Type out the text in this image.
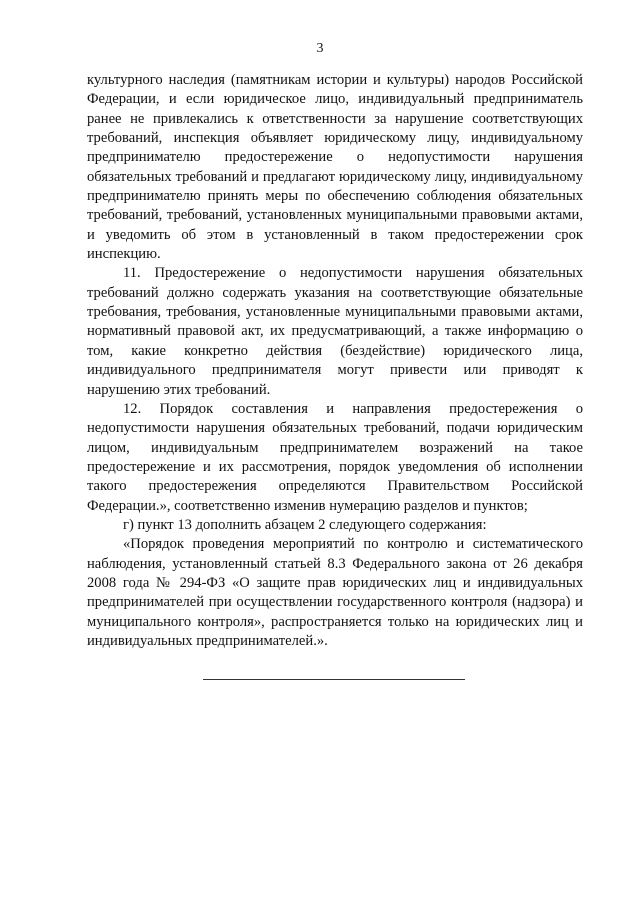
3

культурного наследия (памятникам истории и культуры) народов Российской Федерации, и если юридическое лицо, индивидуальный предприниматель ранее не привлекались к ответственности за нарушение соответствующих требований, инспекция объявляет юридическому лицу, индивидуальному предпринимателю предостережение о недопустимости нарушения обязательных требований и предлагают юридическому лицу, индивидуальному предпринимателю принять меры по обеспечению соблюдения обязательных требований, требований, установленных муниципальными правовыми актами, и уведомить об этом в установленный в таком предостережении срок инспекцию.

11. Предостережение о недопустимости нарушения обязательных требований должно содержать указания на соответствующие обязательные требования, требования, установленные муниципальными правовыми актами, нормативный правовой акт, их предусматривающий, а также информацию о том, какие конкретно действия (бездействие) юридического лица, индивидуального предпринимателя могут привести или приводят к нарушению этих требований.

12. Порядок составления и направления предостережения о недопустимости нарушения обязательных требований, подачи юридическим лицом, индивидуальным предпринимателем возражений на такое предостережение и их рассмотрения, порядок уведомления об исполнении такого предостережения определяются Правительством Российской Федерации.», соответственно изменив нумерацию разделов и пунктов;

г) пункт 13 дополнить абзацем 2 следующего содержания:

«Порядок проведения мероприятий по контролю и систематического наблюдения, установленный статьей 8.3 Федерального закона от 26 декабря 2008 года № 294-ФЗ «О защите прав юридических лиц и индивидуальных предпринимателей при осуществлении государственного контроля (надзора) и муниципального контроля», распространяется только на юридических лиц и индивидуальных предпринимателей.».
